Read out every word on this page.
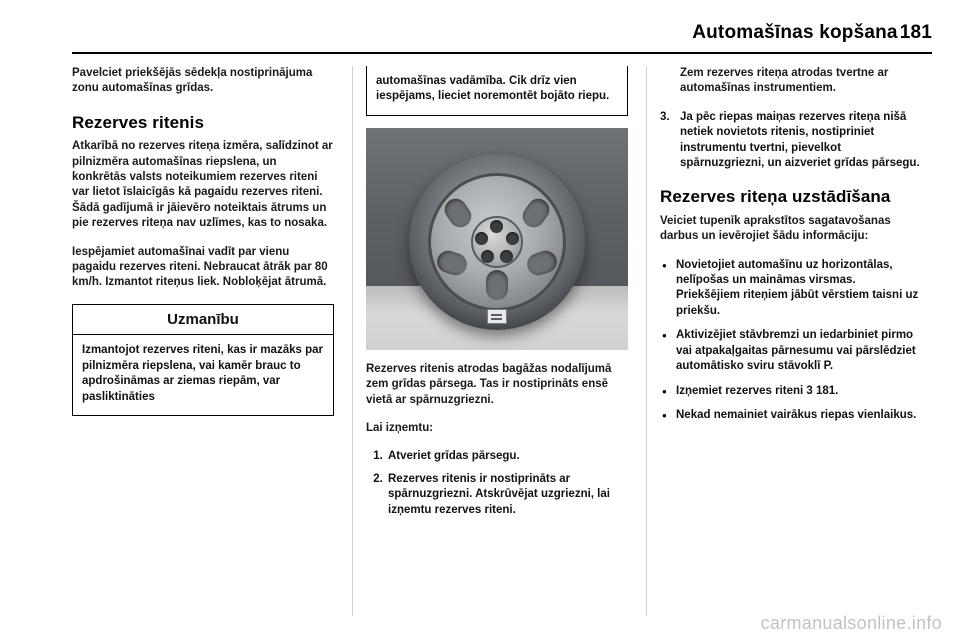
Automašīnas kopšana 181

Pavelciet priekšējās sēdekļa nostiprinājuma zonu automašīnas grīdas.

Rezerves ritenis

Atkarībā no rezerves riteņa izmēra, salīdzinot ar pilnizmēra automašīnas riepslena, un konkrētās valsts noteikumiem rezerves riteni var lietot īslaicīgās kā pagaidu rezerves riteni. Šādā gadījumā ir jāievēro noteiktais ātrums un pie rezerves riteņa nav uzlīmes, kas to nosaka.

Iespējamiet automašīnai vadīt par vienu pagaidu rezerves riteni. Nebraucat ātrāk par 80 km/h. Izmantot riteņus liek. Nobloķējat ātrumā.

Uzmanību
Izmantojot rezerves riteni, kas ir mazāks par pilnizmēra riepslena, vai kamēr brauc to apdrošināmas ar ziemas riepām, var pasliktināties
automašīnas vadāmība. Cik drīz vien iespējams, lieciet noremontēt bojāto riepu.

Rezerves ritenis atrodas bagāžas nodalījumā zem grīdas pārsega. Tas ir nostiprināts ensē vietā ar spārnuzgriezni.

Lai izņemtu:

1. Atveriet grīdas pārsegu.
2. Rezerves ritenis ir nostiprināts ar spārnuzgriezni. Atskrūvējat uzgriezni, lai izņemtu rezerves riteni.

Zem rezerves riteņa atrodas tvertne ar automašīnas instrumentiem.

3. Ja pēc riepas maiņas rezerves riteņa nišā netiek novietots ritenis, nostipriniet instrumentu tvertni, pievelkot spārnuzgriezni, un aizveriet grīdas pārsegu.
Rezerves riteņa uzstādīšana

Veiciet tupenīk aprakstītos sagatavošanas darbus un ievērojiet šādu informāciju:

● Novietojiet automašīnu uz horizontālas, nelīpošas un maināmas virsmas. Priekšējiem riteņiem jābūt vērstiem taisni uz priekšu.
● Aktivizējiet stāvbremzi un iedarbiniet pirmo vai atpakaļgaitas pārnesumu vai pārslēdziet automātisko sviru stāvoklī P.
● Izņemiet rezerves riteni 3 181.
● Nekad nemainiet vairākus riepas vienlaikus.
carmanualsonline.info
